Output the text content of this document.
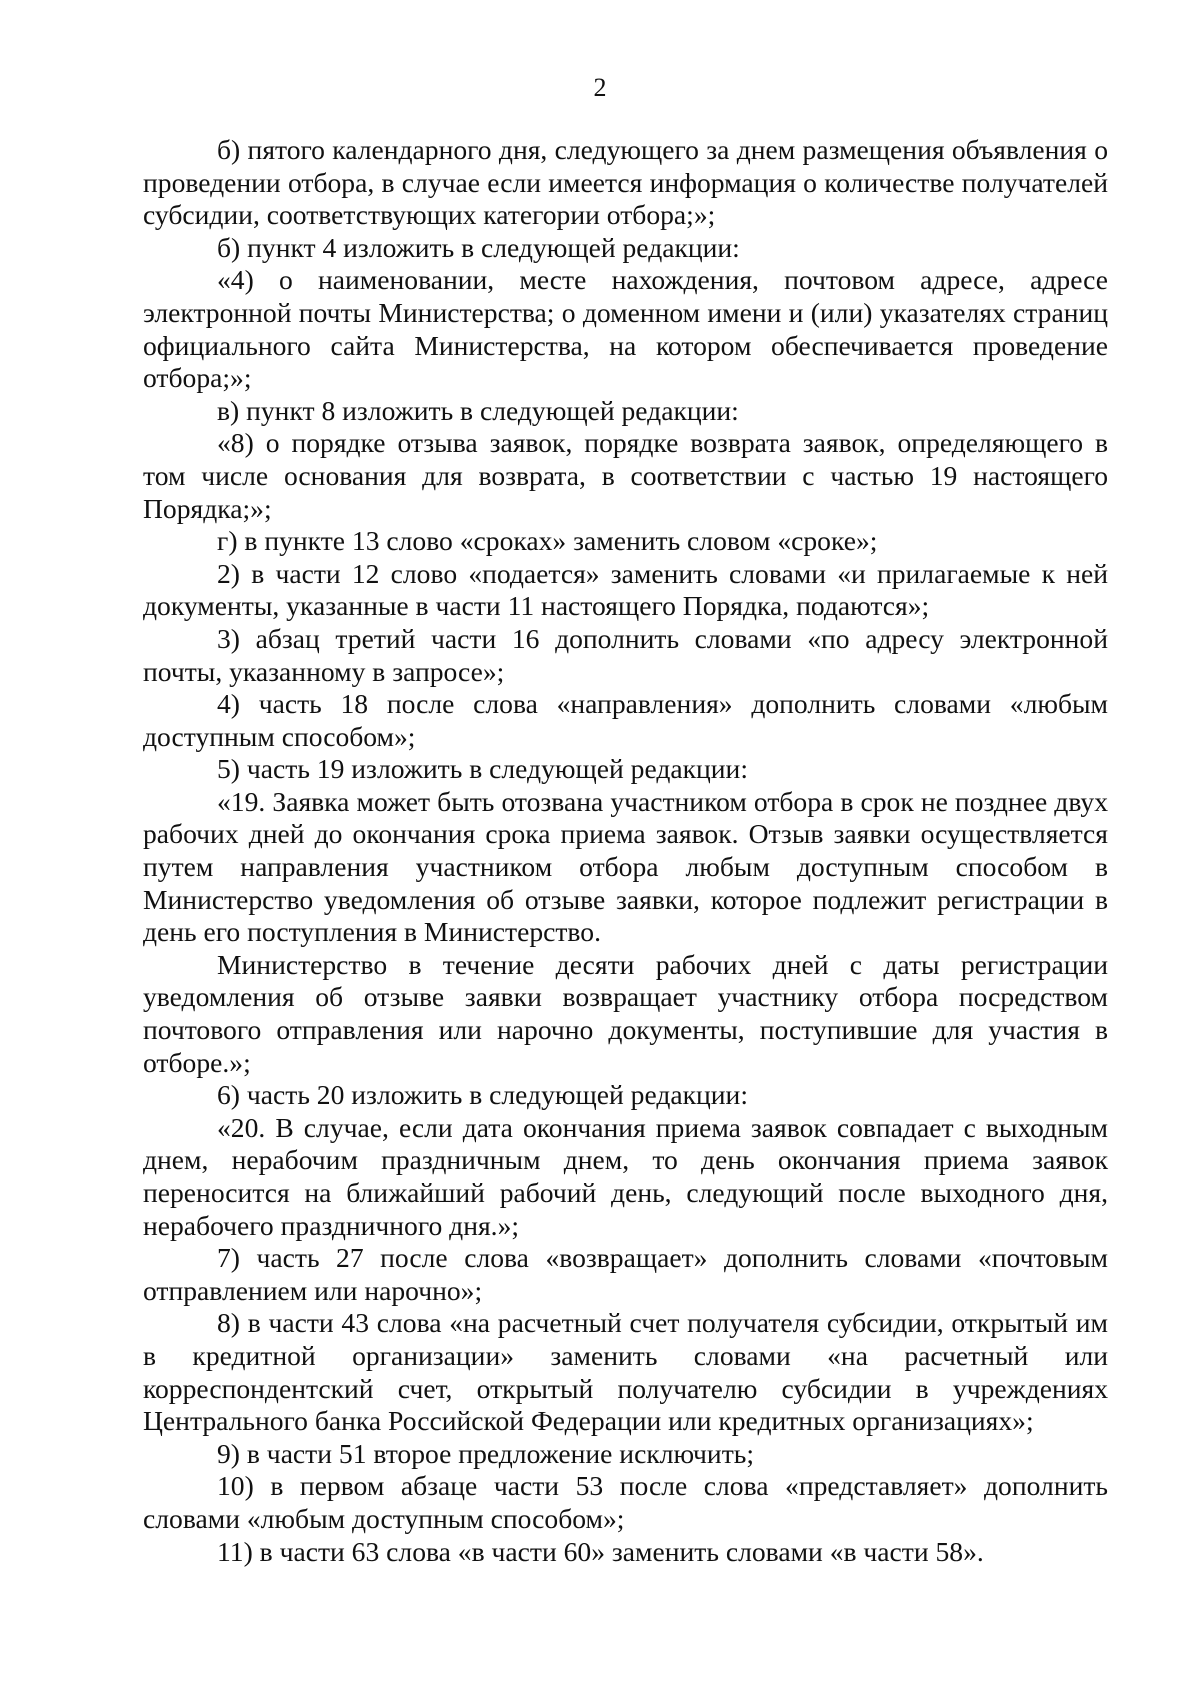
2

б) пятого календарного дня, следующего за днем размещения объявления о проведении отбора, в случае если имеется информация о количестве получателей субсидии, соответствующих категории отбора;»;

б) пункт 4 изложить в следующей редакции:

«4) о наименовании, месте нахождения, почтовом адресе, адресе электронной почты Министерства; о доменном имени и (или) указателях страниц официального сайта Министерства, на котором обеспечивается проведение отбора;»;

в) пункт 8 изложить в следующей редакции:

«8) о порядке отзыва заявок, порядке возврата заявок, определяющего в том числе основания для возврата, в соответствии с частью 19 настоящего Порядка;»;

г) в пункте 13 слово «сроках» заменить словом «сроке»;

2) в части 12 слово «подается» заменить словами «и прилагаемые к ней документы, указанные в части 11 настоящего Порядка, подаются»;

3) абзац третий части 16 дополнить словами «по адресу электронной почты, указанному в запросе»;

4) часть 18 после слова «направления» дополнить словами «любым доступным способом»;

5) часть 19 изложить в следующей редакции:

«19. Заявка может быть отозвана участником отбора в срок не позднее двух рабочих дней до окончания срока приема заявок. Отзыв заявки осуществляется путем направления участником отбора любым доступным способом в Министерство уведомления об отзыве заявки, которое подлежит регистрации в день его поступления в Министерство.

Министерство в течение десяти рабочих дней с даты регистрации уведомления об отзыве заявки возвращает участнику отбора посредством почтового отправления или нарочно документы, поступившие для участия в отборе.»;

6) часть 20 изложить в следующей редакции:

«20. В случае, если дата окончания приема заявок совпадает с выходным днем, нерабочим праздничным днем, то день окончания приема заявок переносится на ближайший рабочий день, следующий после выходного дня, нерабочего праздничного дня.»;

7) часть 27 после слова «возвращает» дополнить словами «почтовым отправлением или нарочно»;

8) в части 43 слова «на расчетный счет получателя субсидии, открытый им в кредитной организации» заменить словами «на расчетный или корреспондентский счет, открытый получателю субсидии в учреждениях Центрального банка Российской Федерации или кредитных организациях»;

9) в части 51 второе предложение исключить;

10) в первом абзаце части 53 после слова «представляет» дополнить словами «любым доступным способом»;

11) в части 63 слова «в части 60» заменить словами «в части 58».
